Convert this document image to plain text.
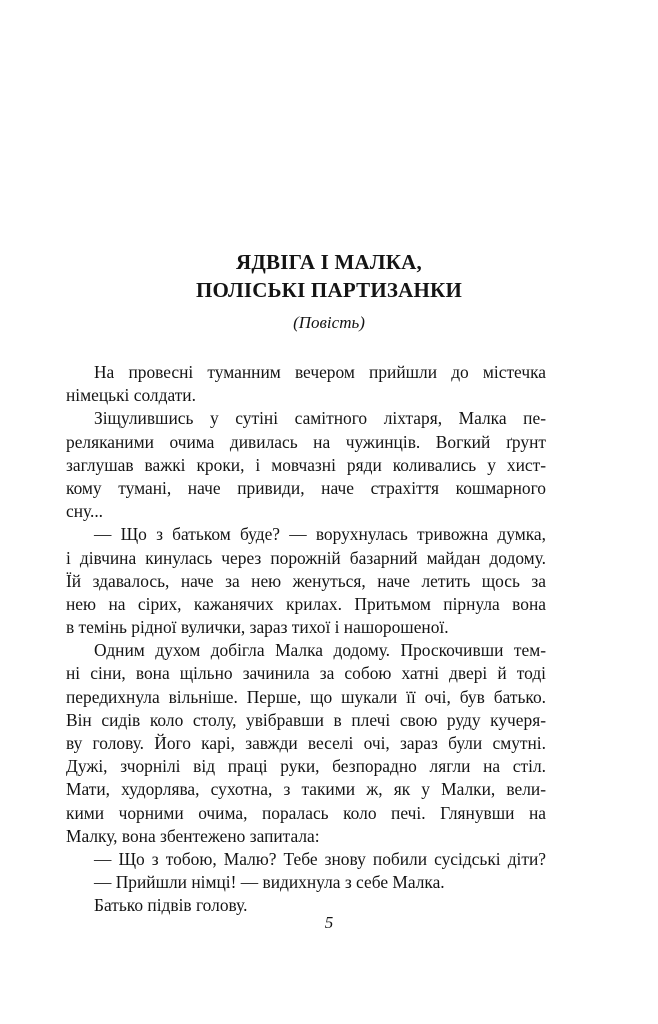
ЯДВІГА І МАЛКА,
ПОЛІСЬКІ ПАРТИЗАНКИ

(Повість)

На провесні туманним вечером прийшли до містечка
німецькі солдати.
Зіщулившись у сутіні самітного ліхтаря, Малка пе-
реляканими очима дивилась на чужинців. Вогкий ґрунт
заглушав важкі кроки, і мовчазні ряди коливались у хист-
кому тумані, наче привиди, наче страхіття кошмарного
сну...
— Що з батьком буде? — ворухнулась тривожна думка,
і дівчина кинулась через порожній базарний майдан додому.
Їй здавалось, наче за нею женуться, наче летить щось за
нею на сірих, кажанячих крилах. Притьмом пірнула вона
в темінь рідної вулички, зараз тихої і нашорошеної.
Одним духом добігла Малка додому. Проскочивши тем-
ні сіни, вона щільно зачинила за собою хатні двері й тоді
передихнула вільніше. Перше, що шукали її очі, був батько.
Він сидів коло столу, увібравши в плечі свою руду кучеря-
ву голову. Його карі, завжди веселі очі, зараз були смутні.
Дужі, зчорнілі від праці руки, безпорадно лягли на стіл.
Мати, худорлява, сухотна, з такими ж, як у Малки, вели-
кими чорними очима, поралась коло печі. Глянувши на
Малку, вона збентежено запитала:
— Що з тобою, Малю? Тебе знову побили сусідські діти?
— Прийшли німці! — видихнула з себе Малка.
Батько підвів голову.
5
